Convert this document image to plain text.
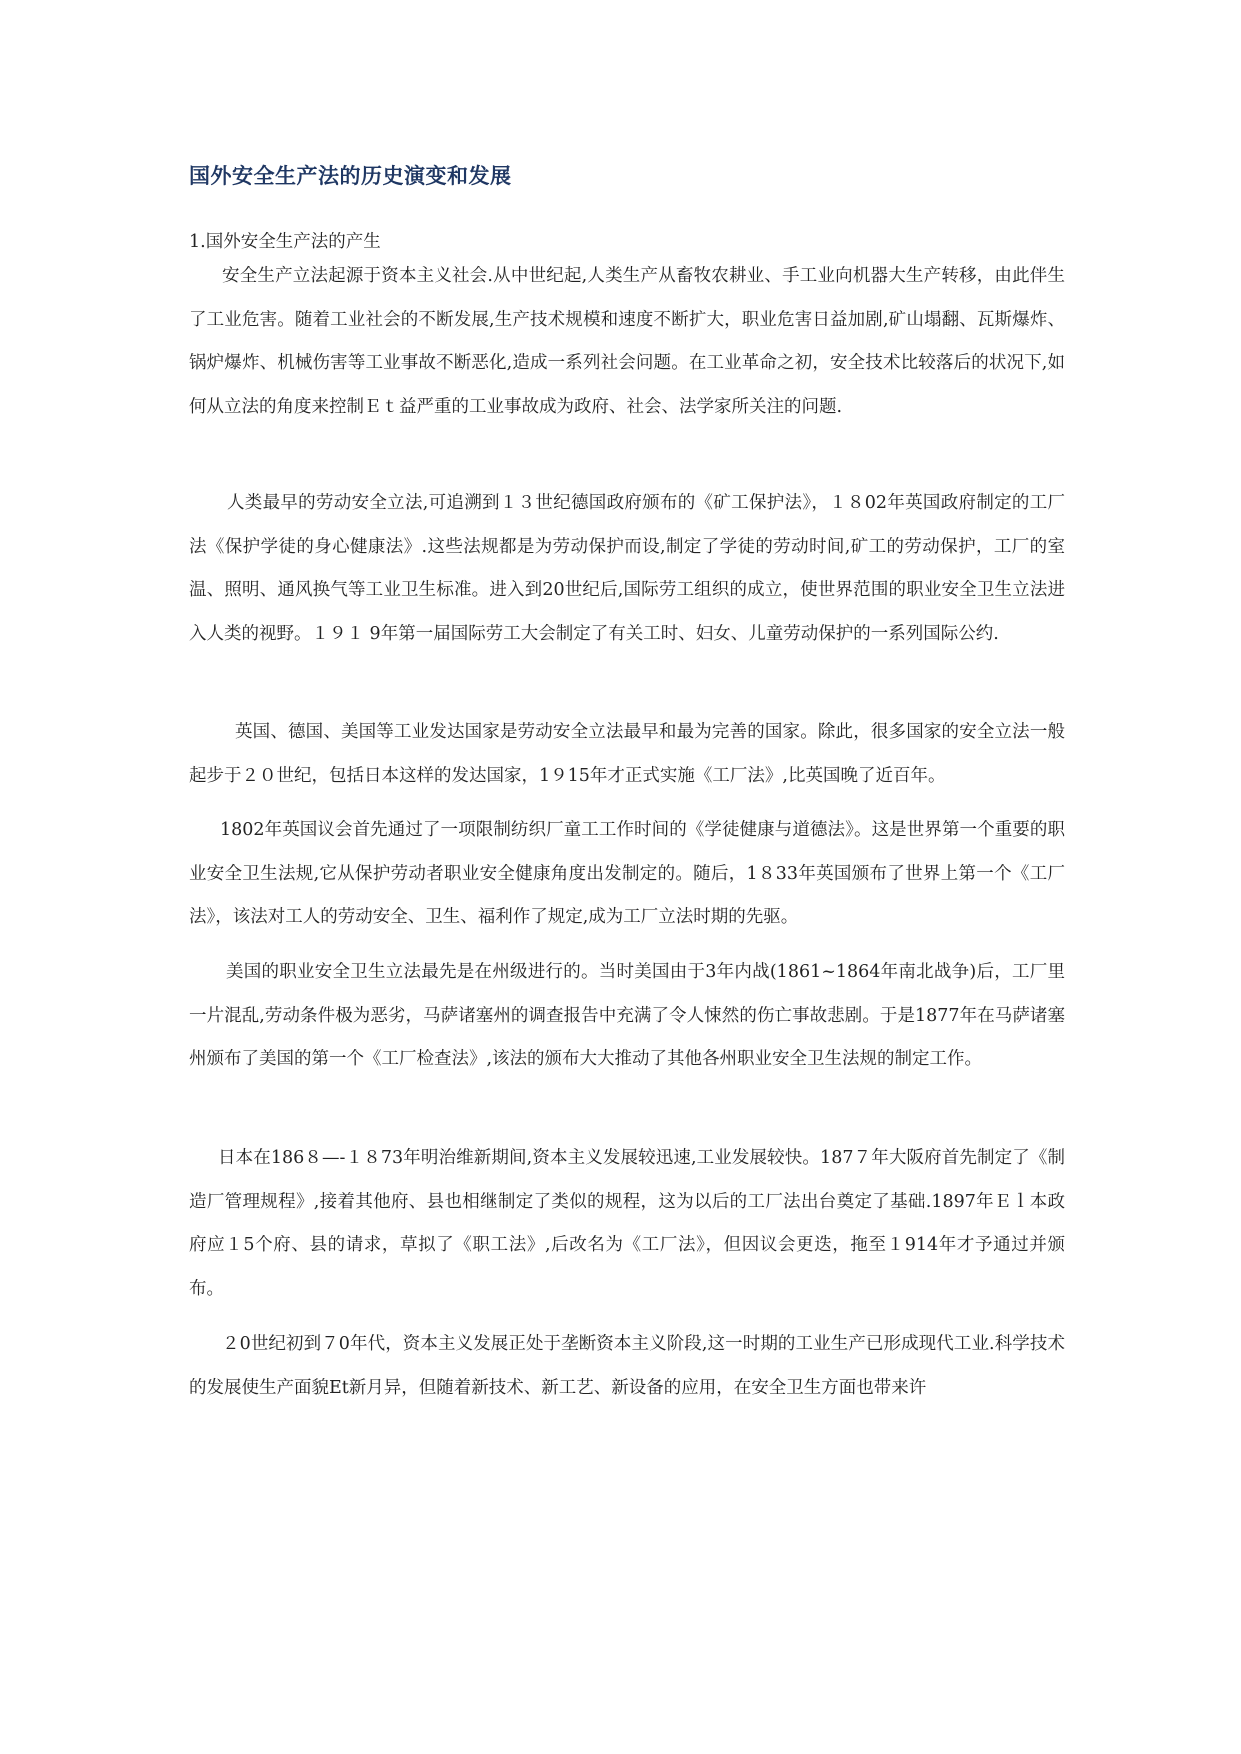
国外安全生产法的历史演变和发展
1.国外安全生产法的产生

安全生产立法起源于资本主义社会.从中世纪起,人类生产从畜牧农耕业、手工业向机器大生产转移，由此伴生了工业危害。随着工业社会的不断发展,生产技术规模和速度不断扩大，职业危害日益加剧,矿山塌翻、瓦斯爆炸、锅炉爆炸、机械伤害等工业事故不断恶化,造成一系列社会问题。在工业革命之初，安全技术比较落后的状况下,如何从立法的角度来控制Ｅｔ益严重的工业事故成为政府、社会、法学家所关注的问题.

人类最早的劳动安全立法,可追溯到１３世纪德国政府颁布的《矿工保护法》，１８02年英国政府制定的工厂法《保护学徒的身心健康法》.这些法规都是为劳动保护而设,制定了学徒的劳动时间,矿工的劳动保护，工厂的室温、照明、通风换气等工业卫生标准。进入到20世纪后,国际劳工组织的成立，使世界范围的职业安全卫生立法进入人类的视野。１９１ 9年第一届国际劳工大会制定了有关工时、妇女、儿童劳动保护的一系列国际公约.

英国、德国、美国等工业发达国家是劳动安全立法最早和最为完善的国家。除此，很多国家的安全立法一般起步于２０世纪，包括日本这样的发达国家，1９15年才正式实施《工厂法》,比英国晚了近百年。

1802年英国议会首先通过了一项限制纺织厂童工工作时间的《学徒健康与道德法》。这是世界第一个重要的职业安全卫生法规,它从保护劳动者职业安全健康角度出发制定的。随后，1８33年英国颁布了世界上第一个《工厂法》，该法对工人的劳动安全、卫生、福利作了规定,成为工厂立法时期的先驱。

美国的职业安全卫生立法最先是在州级进行的。当时美国由于3年内战(1861~1864年南北战争)后，工厂里一片混乱,劳动条件极为恶劣，马萨诸塞州的调查报告中充满了令人悚然的伤亡事故悲剧。于是1877年在马萨诸塞州颁布了美国的第一个《工厂检查法》,该法的颁布大大推动了其他各州职业安全卫生法规的制定工作。

日本在186８—-１８73年明治维新期间,资本主义发展较迅速,工业发展较快。187７年大阪府首先制定了《制造厂管理规程》,接着其他府、县也相继制定了类似的规程，这为以后的工厂法出台奠定了基础.1897年Ｅｌ本政府应１5个府、县的请求，草拟了《职工法》,后改名为《工厂法》，但因议会更迭，拖至１914年才予通过并颁布。

２0世纪初到７0年代，资本主义发展正处于垄断资本主义阶段,这一时期的工业生产已形成现代工业.科学技术的发展使生产面貌Et新月异，但随着新技术、新工艺、新设备的应用，在安全卫生方面也带来许
